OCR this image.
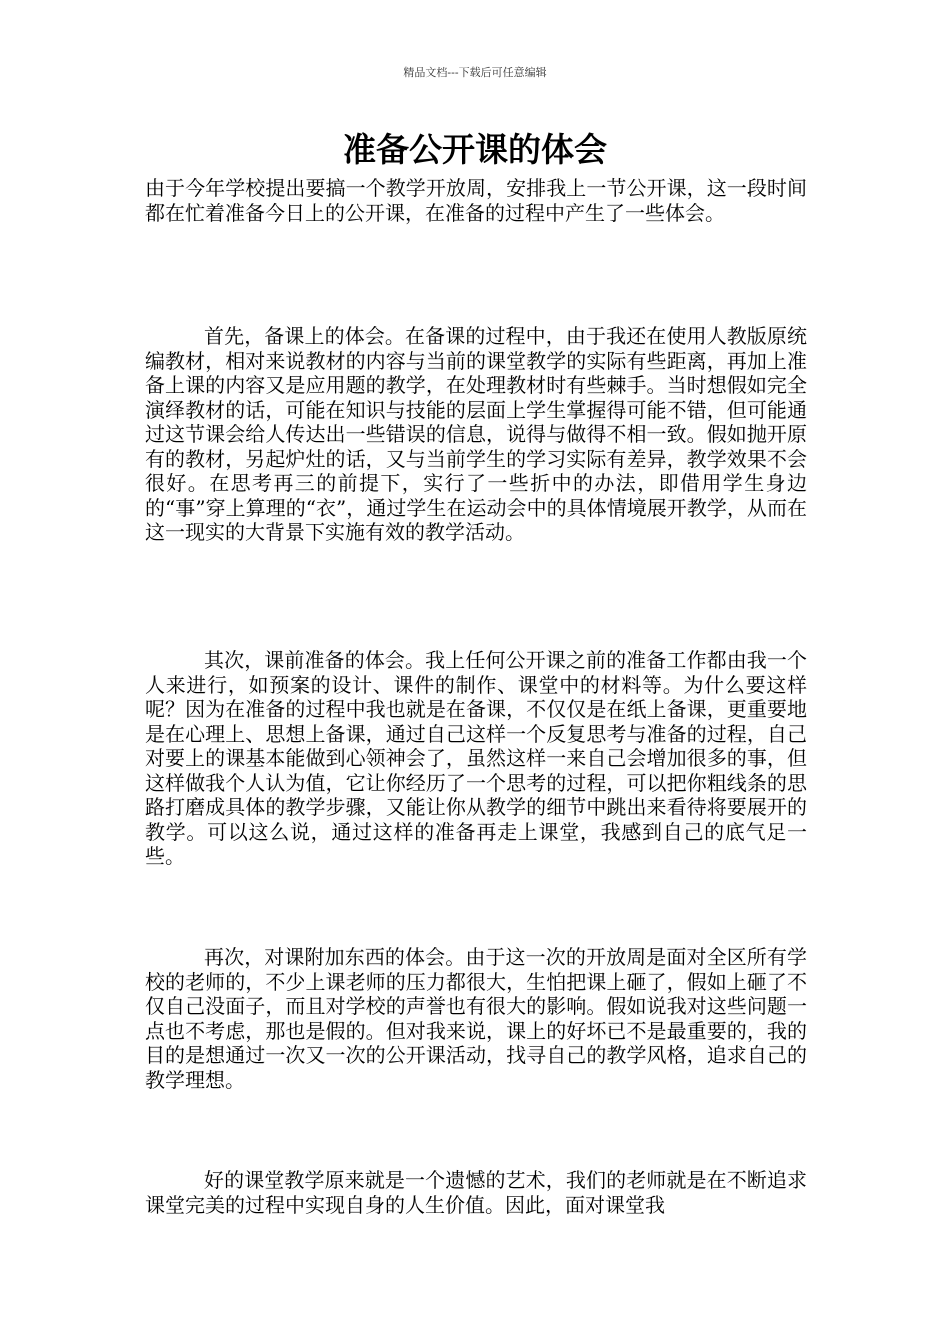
精品文档---下载后可任意编辑
准备公开课的体会

由于今年学校提出要搞一个教学开放周，安排我上一节公开课，这一段时间都在忙着准备今日上的公开课，在准备的过程中产生了一些体会。

首先，备课上的体会。在备课的过程中，由于我还在使用人教版原统编教材，相对来说教材的内容与当前的课堂教学的实际有些距离，再加上准备上课的内容又是应用题的教学，在处理教材时有些棘手。当时想假如完全演绎教材的话，可能在知识与技能的层面上学生掌握得可能不错，但可能通过这节课会给人传达出一些错误的信息，说得与做得不相一致。假如抛开原有的教材，另起炉灶的话，又与当前学生的学习实际有差异，教学效果不会很好。在思考再三的前提下，实行了一些折中的办法，即借用学生身边的“事”穿上算理的“衣”，通过学生在运动会中的具体情境展开教学，从而在这一现实的大背景下实施有效的教学活动。

其次，课前准备的体会。我上任何公开课之前的准备工作都由我一个人来进行，如预案的设计、课件的制作、课堂中的材料等。为什么要这样呢？因为在准备的过程中我也就是在备课，不仅仅是在纸上备课，更重要地是在心理上、思想上备课，通过自己这样一个反复思考与准备的过程，自己对要上的课基本能做到心领神会了，虽然这样一来自己会增加很多的事，但这样做我个人认为值，它让你经历了一个思考的过程，可以把你粗线条的思路打磨成具体的教学步骤，又能让你从教学的细节中跳出来看待将要展开的教学。可以这么说，通过这样的准备再走上课堂，我感到自己的底气足一些。

再次，对课附加东西的体会。由于这一次的开放周是面对全区所有学校的老师的，不少上课老师的压力都很大，生怕把课上砸了，假如上砸了不仅自己没面子，而且对学校的声誉也有很大的影响。假如说我对这些问题一点也不考虑，那也是假的。但对我来说，课上的好坏已不是最重要的，我的目的是想通过一次又一次的公开课活动，找寻自己的教学风格，追求自己的教学理想。

好的课堂教学原来就是一个遗憾的艺术，我们的老师就是在不断追求课堂完美的过程中实现自身的人生价值。因此，面对课堂我
